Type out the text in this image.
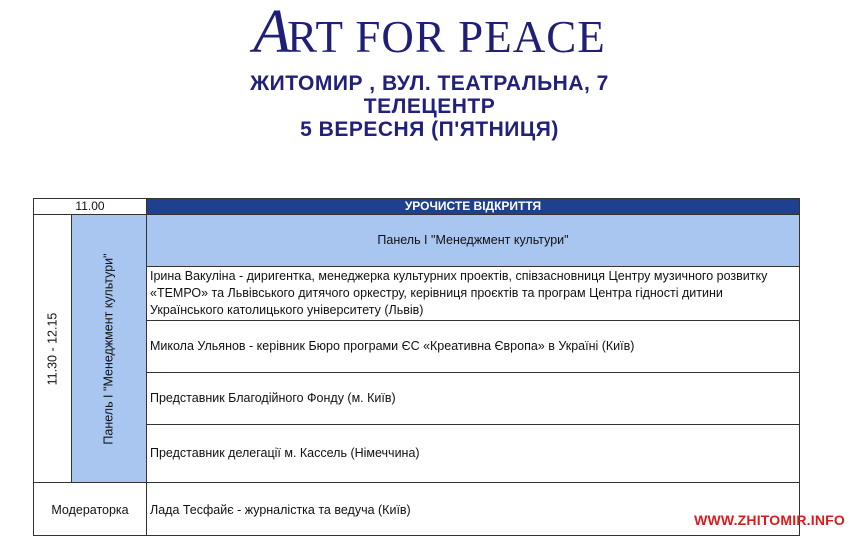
ART FOR PEACE
ЖИТОМИР , ВУЛ. ТЕАТРАЛЬНА, 7
ТЕЛЕЦЕНТР
5 ВЕРЕСНЯ (П'ЯТНИЦЯ)
11.00	УРОЧИСТЕ ВІДКРИТТЯ
11.30 - 12.15	Панель І "Менеджмент культури"
Панель І "Менеджмент культури"
Ірина Вакуліна - диригентка, менеджерка культурних проектів, співзасновниця Центру музичного розвитку «ТЕМРО» та Львівського дитячого оркестру, керівниця проєктів та програм Центра гідності дитини Українського католицького університету (Львів)
Микола Ульянов - керівник Бюро програми ЄС «Креативна Європа» в Україні (Київ)
Представник Благодійного Фонду (м. Київ)
Представник делегації м. Кассель (Німеччина)
Модераторка	Лада Тесфайє - журналістка та ведуча (Київ)
WWW.ZHITOMIR.INFO
